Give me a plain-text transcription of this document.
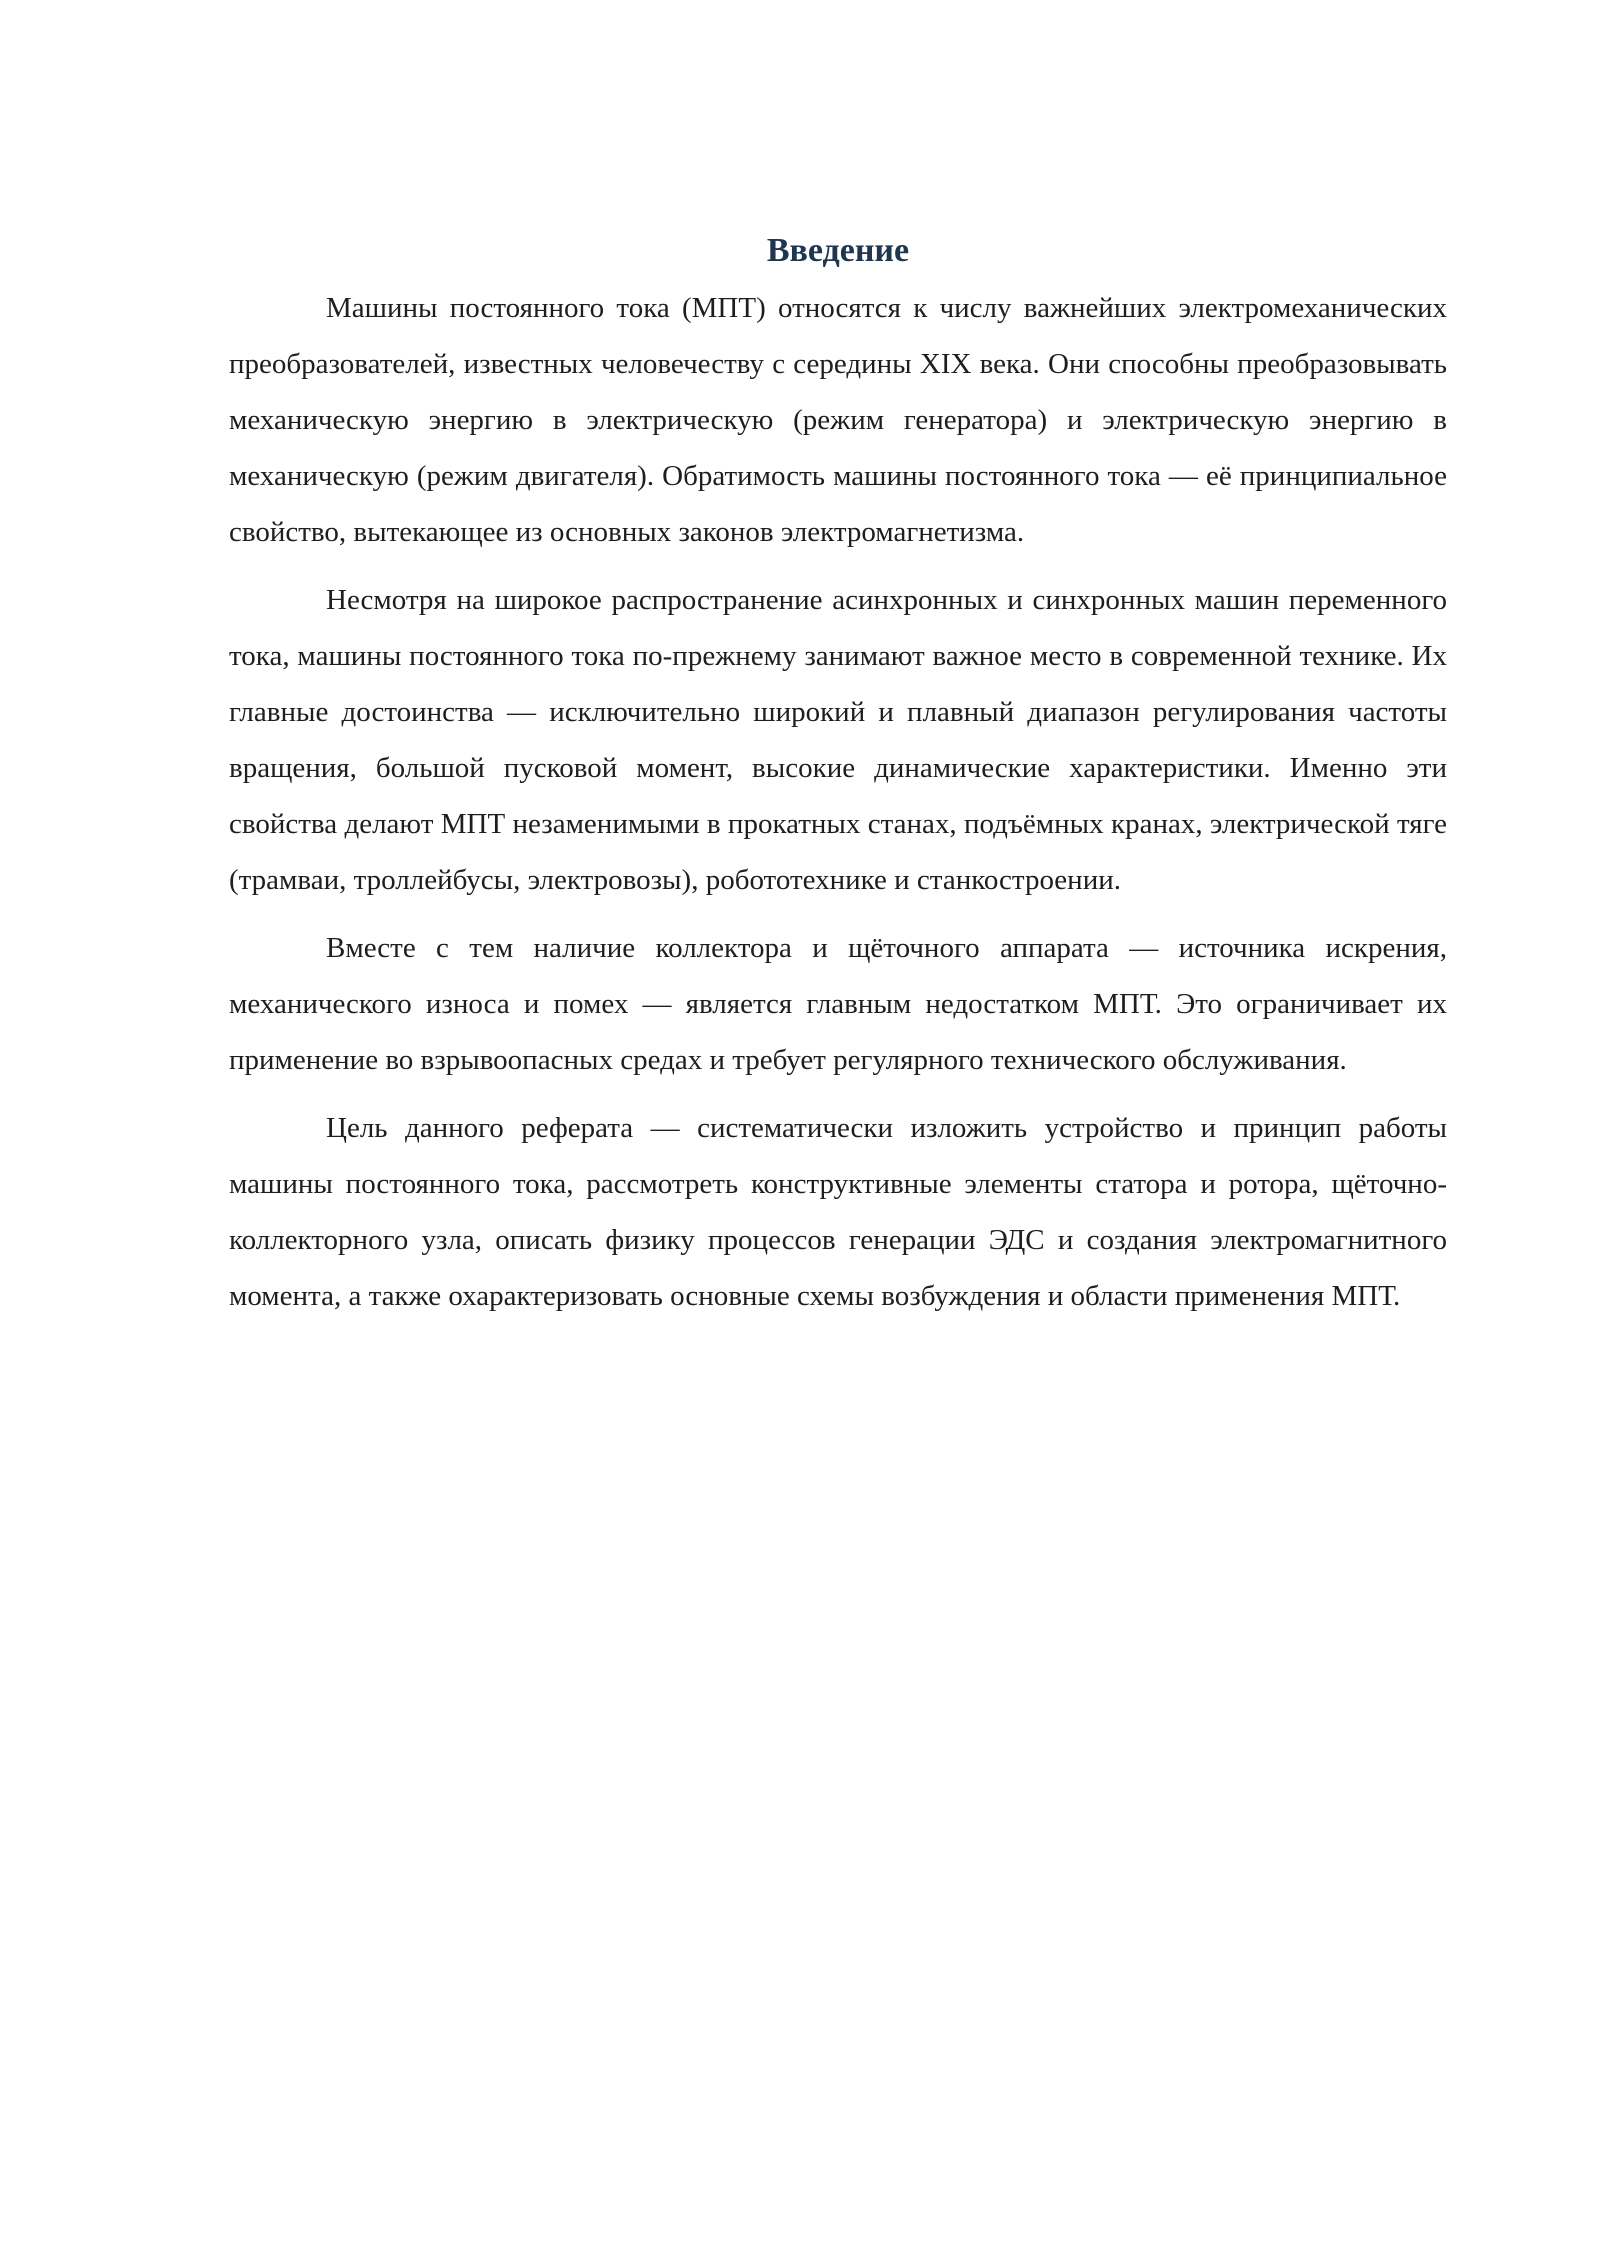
Введение

Машины постоянного тока (МПТ) относятся к числу важнейших электромеханических преобразователей, известных человечеству с середины XIX века. Они способны преобразовывать механическую энергию в электрическую (режим генератора) и электрическую энергию в механическую (режим двигателя). Обратимость машины постоянного тока — её принципиальное свойство, вытекающее из основных законов электромагнетизма.

Несмотря на широкое распространение асинхронных и синхронных машин переменного тока, машины постоянного тока по-прежнему занимают важное место в современной технике. Их главные достоинства — исключительно широкий и плавный диапазон регулирования частоты вращения, большой пусковой момент, высокие динамические характеристики. Именно эти свойства делают МПТ незаменимыми в прокатных станах, подъёмных кранах, электрической тяге (трамваи, троллейбусы, электровозы), робототехнике и станкостроении.

Вместе с тем наличие коллектора и щёточного аппарата — источника искрения, механического износа и помех — является главным недостатком МПТ. Это ограничивает их применение во взрывоопасных средах и требует регулярного технического обслуживания.

Цель данного реферата — систематически изложить устройство и принцип работы машины постоянного тока, рассмотреть конструктивные элементы статора и ротора, щёточно-коллекторного узла, описать физику процессов генерации ЭДС и создания электромагнитного момента, а также охарактеризовать основные схемы возбуждения и области применения МПТ.
